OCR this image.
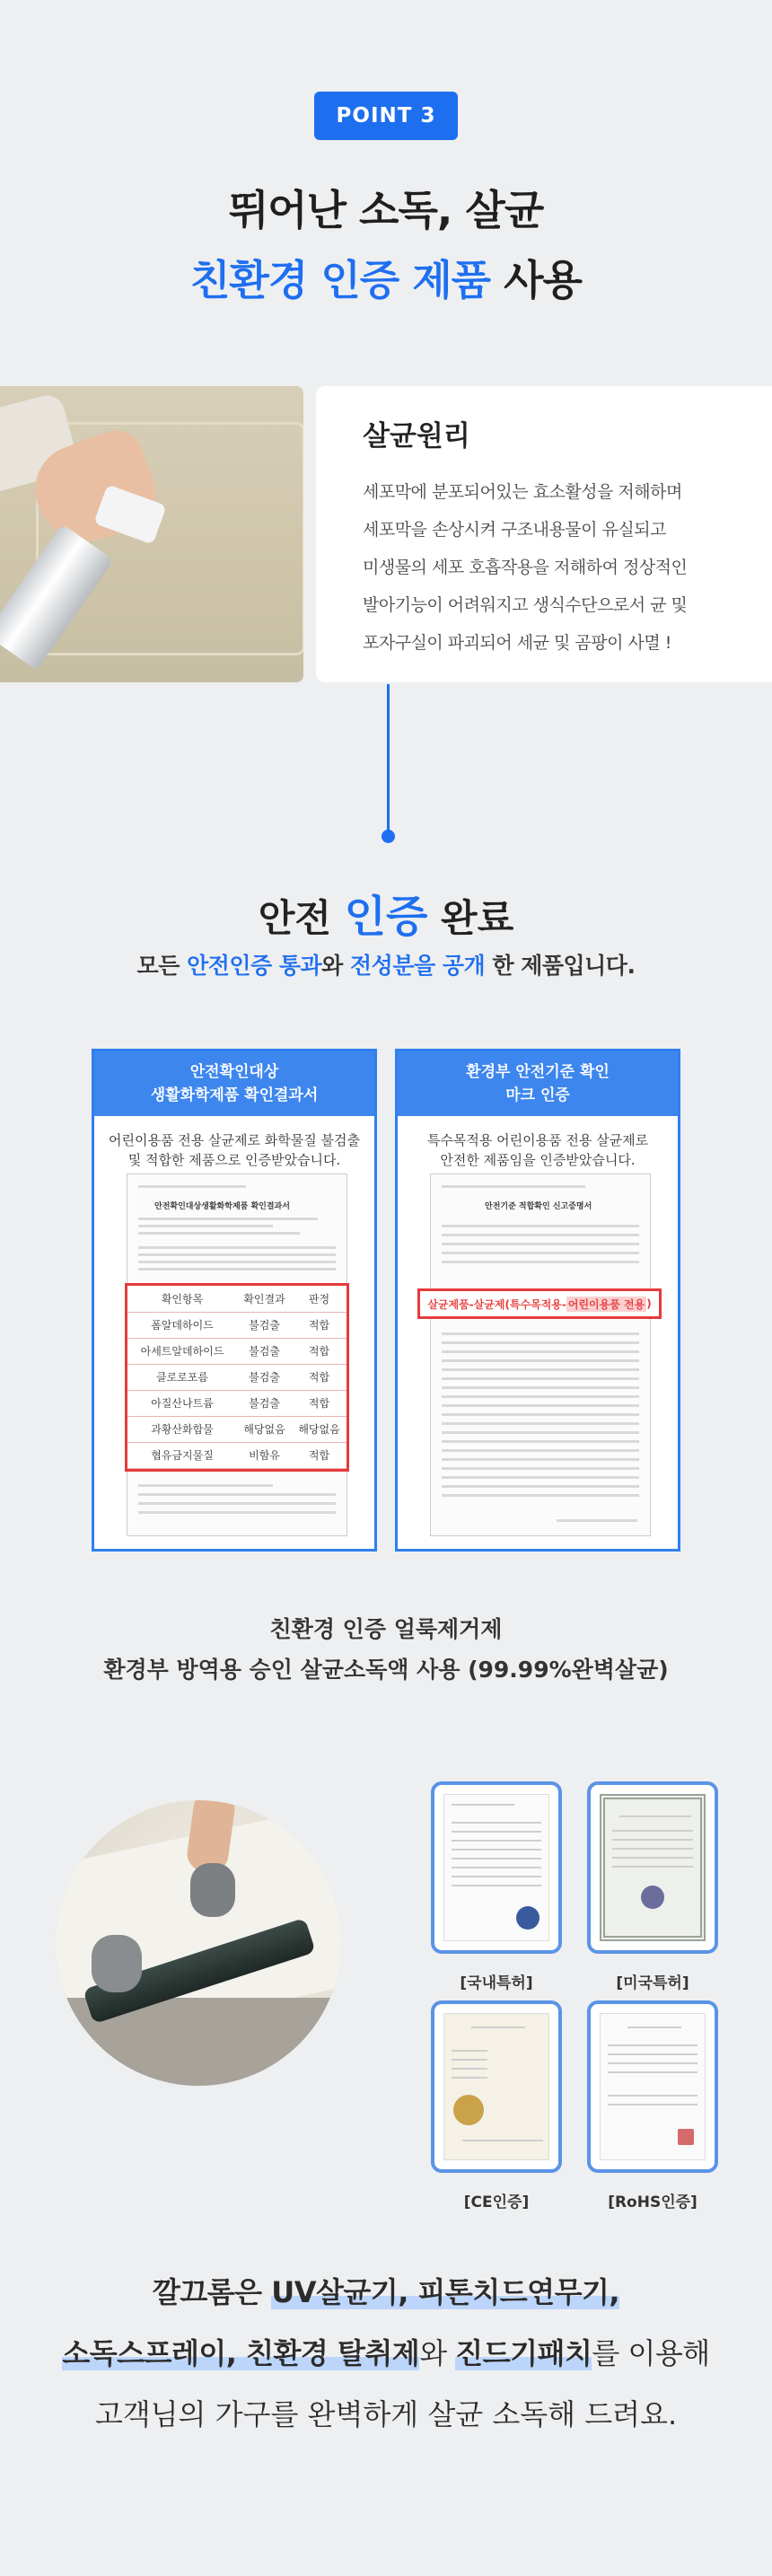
POINT 3
뛰어난 소독, 살균
친환경 인증 제품 사용
살균원리

세포막에 분포되어있는 효소활성을 저해하며

세포막을 손상시켜 구조내용물이 유실되고

미생물의 세포 호흡작용을 저해하여 정상적인

발아기능이 어려워지고 생식수단으로서 균 및

포자구실이 파괴되어 세균 및 곰팡이 사멸 !

안전 인증 완료
모든 안전인증 통과와 전성분을 공개 한 제품입니다.
안전확인대상
생활화학제품 확인결과서
어린이용품 전용 살균제로 화학물질 불검출
및 적합한 제품으로 인증받았습니다.
안전확인대상생활화학제품 확인결과서
확인항목	확인결과	판정
폼알데하이드	불검출	적합
아세트알데하이드	불검출	적합
클로로포름	불검출	적합
아질산나트륨	불검출	적합
과황산화합물	해당없음	해당없음
협유금지물질	비함유	적합
환경부 안전기준 확인
마크 인증
특수목적용 어린이용품 전용 살균제로
안전한 제품임을 인증받았습니다.
안전기준 적합확인 신고증명서
살균제품-살균제(특수목적용- 어린이용품 전용 )
친환경 인증 얼룩제거제
환경부 방역용 승인 살균소독액 사용 (99.99%완벽살균)
[국내특허]	[미국특허]
[CE인증]	[RoHS인증]
깔끄롬은 UV살균기, 피톤치드연무기,
소독스프레이, 친환경 탈취제와 진드기패치를 이용해
고객님의 가구를 완벽하게 살균 소독해 드려요.
